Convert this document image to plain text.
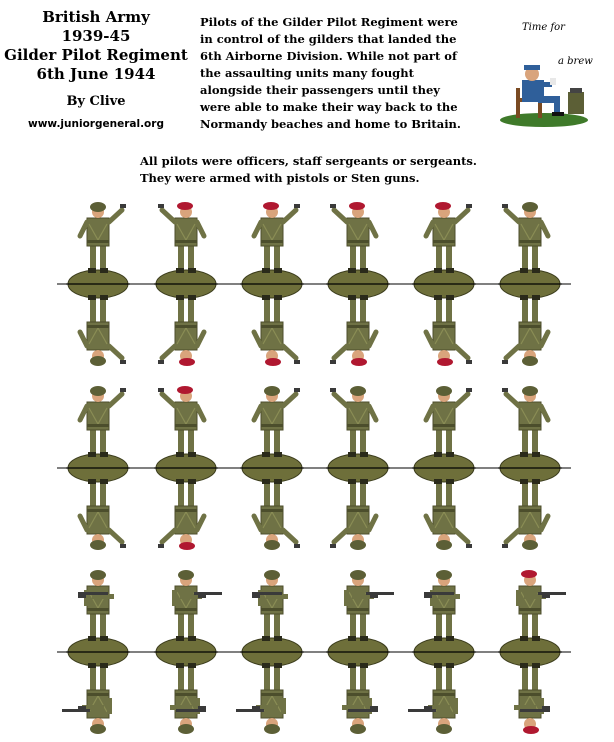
British Army
1939-45
Gilder Pilot Regiment
6th June 1944
By Clive
www.juniorgeneral.org
Pilots of the Gilder Pilot Regiment were
in control of the gilders that landed the
6th Airborne Division. While not part of
the assaulting units many fought
alongside their passengers until they
were able to make their way back to the
Normandy beaches and home to Britain.
Time for
a brew
All pilots were officers, staff sergeants or sergeants.
They were armed with pistols or Sten guns.
